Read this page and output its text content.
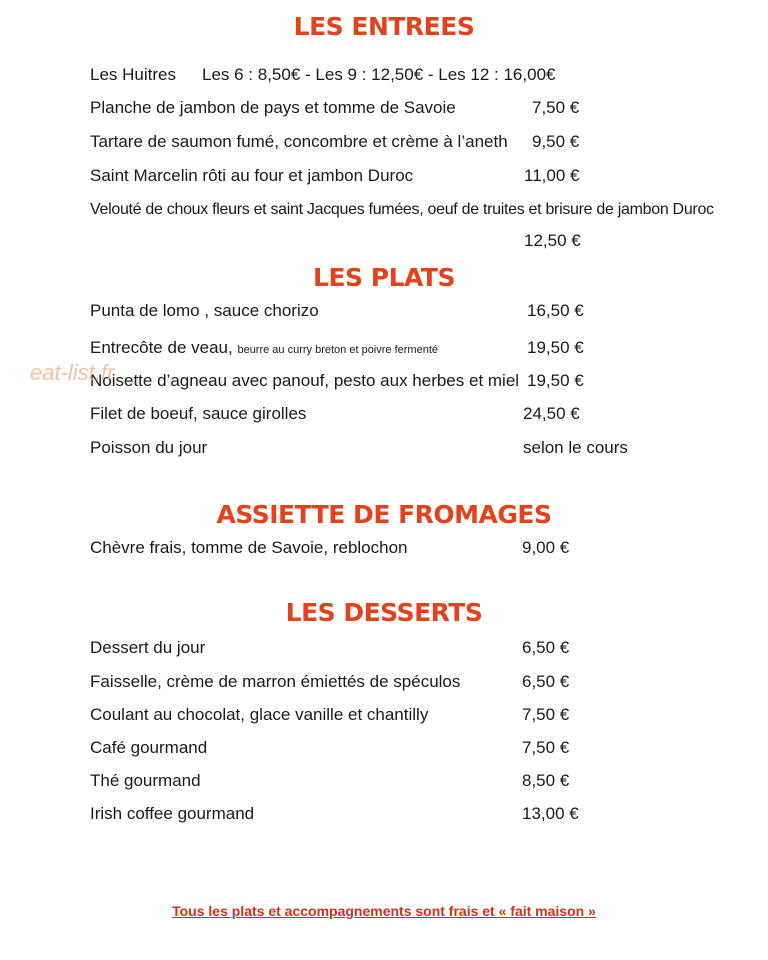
LES ENTREES
Les Huitres Les 6 : 8,50€ - Les 9 : 12,50€ - Les 12 : 16,00€
Planche de jambon de pays et tomme de Savoie	7,50 €
Tartare de saumon fumé, concombre et crème à l’aneth 9,50 €
Saint Marcelin rôti au four et jambon Duroc	11,00 €
Velouté de choux fleurs et saint Jacques fumées, oeuf de truites et brisure de jambon Duroc
12,50 €
LES PLATS
Punta de lomo , sauce chorizo	16,50 €
Entrecôte de veau, beurre au curry breton et poivre fermenté	19,50 €
Noisette d’agneau avec panouf, pesto aux herbes et miel 19,50 €
Filet de boeuf, sauce girolles	24,50 €
Poisson du jour	selon le cours
ASSIETTE DE FROMAGES
Chèvre frais, tomme de Savoie, reblochon	9,00 €
LES DESSERTS
Dessert du jour	6,50 €
Faisselle, crème de marron émiettés de spéculos	6,50 €
Coulant au chocolat, glace vanille et chantilly	7,50 €
Café gourmand	7,50 €
Thé gourmand	8,50 €
Irish coffee gourmand	13,00 €
eat-list.fr
Tous les plats et accompagnements sont frais et « fait maison »
